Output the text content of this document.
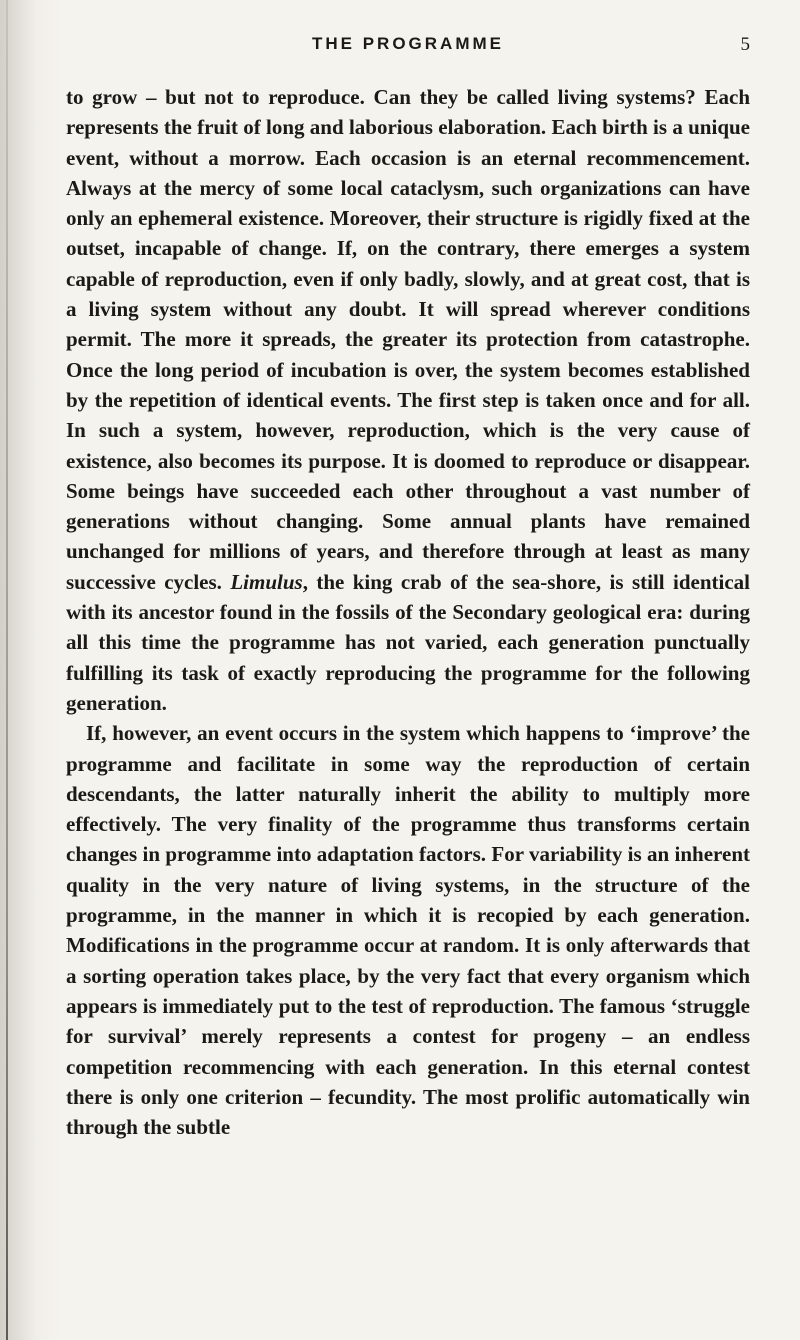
THE PROGRAMME	5

to grow – but not to reproduce. Can they be called living systems? Each represents the fruit of long and laborious elaboration. Each birth is a unique event, without a morrow. Each occasion is an eternal recommencement. Always at the mercy of some local cataclysm, such organizations can have only an ephemeral existence. Moreover, their structure is rigidly fixed at the outset, incapable of change. If, on the contrary, there emerges a system capable of reproduction, even if only badly, slowly, and at great cost, that is a living system without any doubt. It will spread wherever conditions permit. The more it spreads, the greater its protection from catastrophe. Once the long period of incubation is over, the system becomes established by the repetition of identical events. The first step is taken once and for all. In such a system, however, reproduction, which is the very cause of existence, also becomes its purpose. It is doomed to reproduce or disappear. Some beings have succeeded each other throughout a vast number of generations without changing. Some annual plants have remained unchanged for millions of years, and therefore through at least as many successive cycles. Limulus, the king crab of the sea-shore, is still identical with its ancestor found in the fossils of the Secondary geological era: during all this time the programme has not varied, each generation punctually fulfilling its task of exactly reproducing the programme for the following generation.

If, however, an event occurs in the system which happens to ‘improve’ the programme and facilitate in some way the reproduction of certain descendants, the latter naturally inherit the ability to multiply more effectively. The very finality of the programme thus transforms certain changes in programme into adaptation factors. For variability is an inherent quality in the very nature of living systems, in the structure of the programme, in the manner in which it is recopied by each generation. Modifications in the programme occur at random. It is only afterwards that a sorting operation takes place, by the very fact that every organism which appears is immediately put to the test of reproduction. The famous ‘struggle for survival’ merely represents a contest for progeny – an endless competition recommencing with each generation. In this eternal contest there is only one criterion – fecundity. The most prolific automatically win through the subtle
